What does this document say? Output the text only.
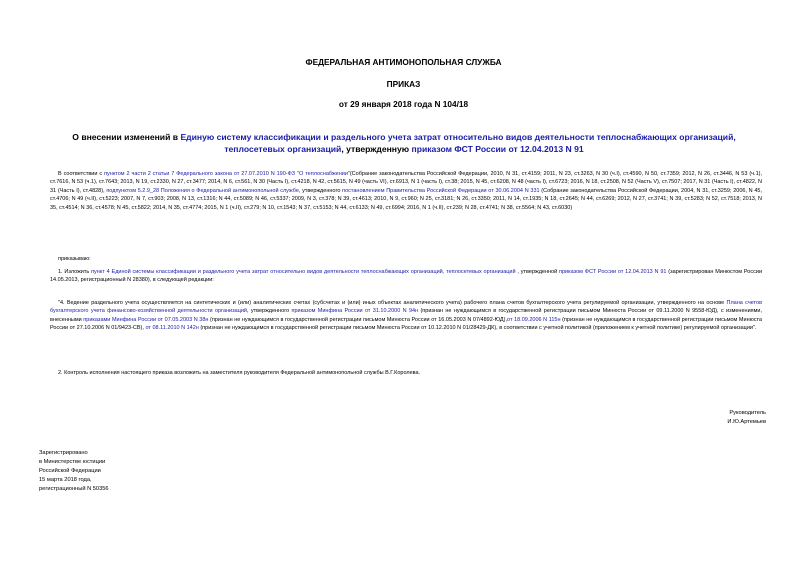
ФЕДЕРАЛЬНАЯ АНТИМОНОПОЛЬНАЯ СЛУЖБА
ПРИКАЗ
от 29 января 2018 года N 104/18
О внесении изменений в Единую систему классификации и раздельного учета затрат относительно видов деятельности теплоснабжающих организаций, теплосетевых организаций, утвержденную приказом ФСТ России от 12.04.2013 N 91
В соответствии с пунктом 2 части 2 статьи 7 Федерального закона от 27.07.2010 N 190-ФЗ "О теплоснабжении"(Собрание законодательства Российской Федерации, 2010, N 31, ст.4159; 2011, N 23, ст.3263, N 30 (ч.I), ст.4590, N 50, ст.7359; 2012, N 26, ст.3446, N 53 (ч.1), ст.7616, N 53 (ч.1), ст.7643; 2013, N 19, ст.2330, N 27, ст.3477; 2014, N 6, ст.561, N 30 (Часть I), ст.4218, N 42, ст.5615, N 49 (часть VI), ст.6913, N 1 (часть I), ст.38; 2015, N 45, ст.6208, N 48 (часть I), ст.6723; 2016, N 18, ст.2508, N 52 (Часть V), ст.7507; 2017, N 31 (Часть I), ст.4822, N 31 (Часть I), ст.4828), подпунктом 5.2.9_28 Положения о Федеральной антимонопольной службе, утвержденного постановлением Правительства Российской Федерации от 30.06.2004 N 331 (Собрание законодательства Российской Федерации, 2004, N 31, ст.3259; 2006, N 45, ст.4706; N 49 (ч.II), ст.5223; 2007, N 7, ст.903; 2008, N 13, ст.1316; N 44, ст.5089; N 46, ст.5337; 2009, N 3, ст.378; N 39, ст.4613; 2010, N 9, ст.960; N 25, ст.3181; N 26, ст.3350; 2011, N 14, ст.1935; N 18, ст.2645; N 44, ст.6269; 2012, N 27, ст.3741; N 39, ст.5283; N 52, ст.7518; 2013, N 35, ст.4514; N 36, ст.4578; N 45, ст.5822; 2014, N 35, ст.4774; 2015, N 1 (ч.II), ст.279; N 10, ст.1543; N 37, ст.5153; N 44, ст.6133; N 49, ст.6994; 2016, N 1 (ч.II), ст.239; N 28, ст.4741; N 38, ст.5564; N 43, ст.6030)
приказываю:
1. Изложить пункт 4 Единой системы классификации и раздельного учета затрат относительно видов деятельности теплоснабжающих организаций, теплосетевых организаций , утвержденной приказом ФСТ России от 12.04.2013 N 91 (зарегистрирован Минюстом России 14.05.2013, регистрационный N 28380), в следующей редакции:
"4. Ведение раздельного учета осуществляется на синтетических и (или) аналитических счетах (субсчетах и (или) иных объектах аналитического учета) рабочего плана счетов бухгалтерского учета регулируемой организации, утвержденного на основе Плана счетов бухгалтерского учета финансово-хозяйственной деятельности организаций, утвержденного приказом Минфина России от 31.10.2000 N 94н (признан не нуждающимся в государственной регистрации письмом Минюста России от 09.11.2000 N 9558-ЮД), с изменениями, внесенными приказами Минфина России от 07.05.2003 N 38н (признан не нуждающимся в государственной регистрации письмом Минюста России от 16.05.2003 N 07/4892-ЮД),от 18.09.2006 N 115н (признан не нуждающимся в государственной регистрации письмом Минюста России от 27.10.2006 N 01/9423-СВ), от 08.11.2010 N 142н (признан не нуждающимся в государственной регистрации письмом Минюста России от 10.12.2010 N 01/28429-ДК), в соответствии с учетной политикой (приложением к учетной политике) регулируемой организации".
2. Контроль исполнения настоящего приказа возложить на заместителя руководителя Федеральной антимонопольной службы В.Г.Королева.
Руководитель
И.Ю.Артемьев
Зарегистрировано
в Министерстве юстиции
Российской Федерации
15 марта 2018 года,
регистрационный N 50356
